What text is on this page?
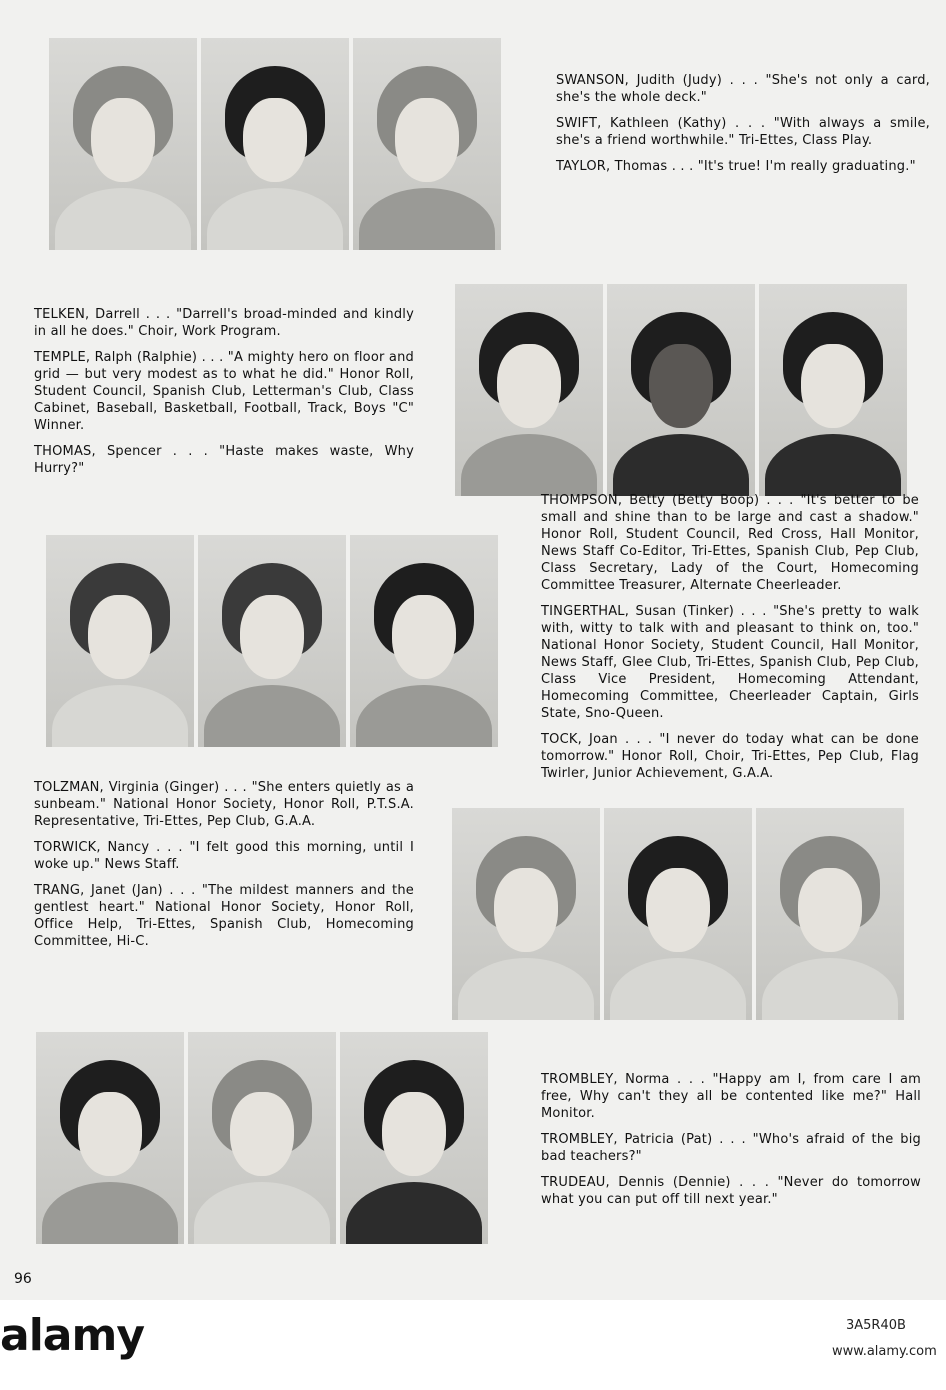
SWANSON, Judith (Judy) . . . "She's not only a card, she's the whole deck."

SWIFT, Kathleen (Kathy) . . . "With always a smile, she's a friend worthwhile." Tri-Ettes, Class Play.

TAYLOR, Thomas . . . "It's true! I'm really graduating."

TELKEN, Darrell . . . "Darrell's broad-minded and kindly in all he does." Choir, Work Program.

TEMPLE, Ralph (Ralphie) . . . "A mighty hero on floor and grid — but very modest as to what he did." Honor Roll, Student Council, Spanish Club, Letterman's Club, Class Cabinet, Baseball, Basketball, Football, Track, Boys "C" Winner.

THOMAS, Spencer . . . "Haste makes waste, Why Hurry?"

THOMPSON, Betty (Betty Boop) . . . "It's better to be small and shine than to be large and cast a shadow." Honor Roll, Student Council, Red Cross, Hall Monitor, News Staff Co-Editor, Tri-Ettes, Spanish Club, Pep Club, Class Secretary, Lady of the Court, Homecoming Committee Treasurer, Alternate Cheerleader.

TINGERTHAL, Susan (Tinker) . . . "She's pretty to walk with, witty to talk with and pleasant to think on, too." National Honor Society, Student Council, Hall Monitor, News Staff, Glee Club, Tri-Ettes, Spanish Club, Pep Club, Class Vice President, Homecoming Attendant, Homecoming Committee, Cheerleader Captain, Girls State, Sno-Queen.

TOCK, Joan . . . "I never do today what can be done tomorrow." Honor Roll, Choir, Tri-Ettes, Pep Club, Flag Twirler, Junior Achievement, G.A.A.

TOLZMAN, Virginia (Ginger) . . . "She enters quietly as a sunbeam." National Honor Society, Honor Roll, P.T.S.A. Representative, Tri-Ettes, Pep Club, G.A.A.

TORWICK, Nancy . . . "I felt good this morning, until I woke up." News Staff.

TRANG, Janet (Jan) . . . "The mildest manners and the gentlest heart." National Honor Society, Honor Roll, Office Help, Tri-Ettes, Spanish Club, Homecoming Committee, Hi-C.

TROMBLEY, Norma . . . "Happy am I, from care I am free, Why can't they all be contented like me?" Hall Monitor.

TROMBLEY, Patricia (Pat) . . . "Who's afraid of the big bad teachers?"

TRUDEAU, Dennis (Dennie) . . . "Never do tomorrow what you can put off till next year."

96
alamy	3A5R40B
www.alamy.com
